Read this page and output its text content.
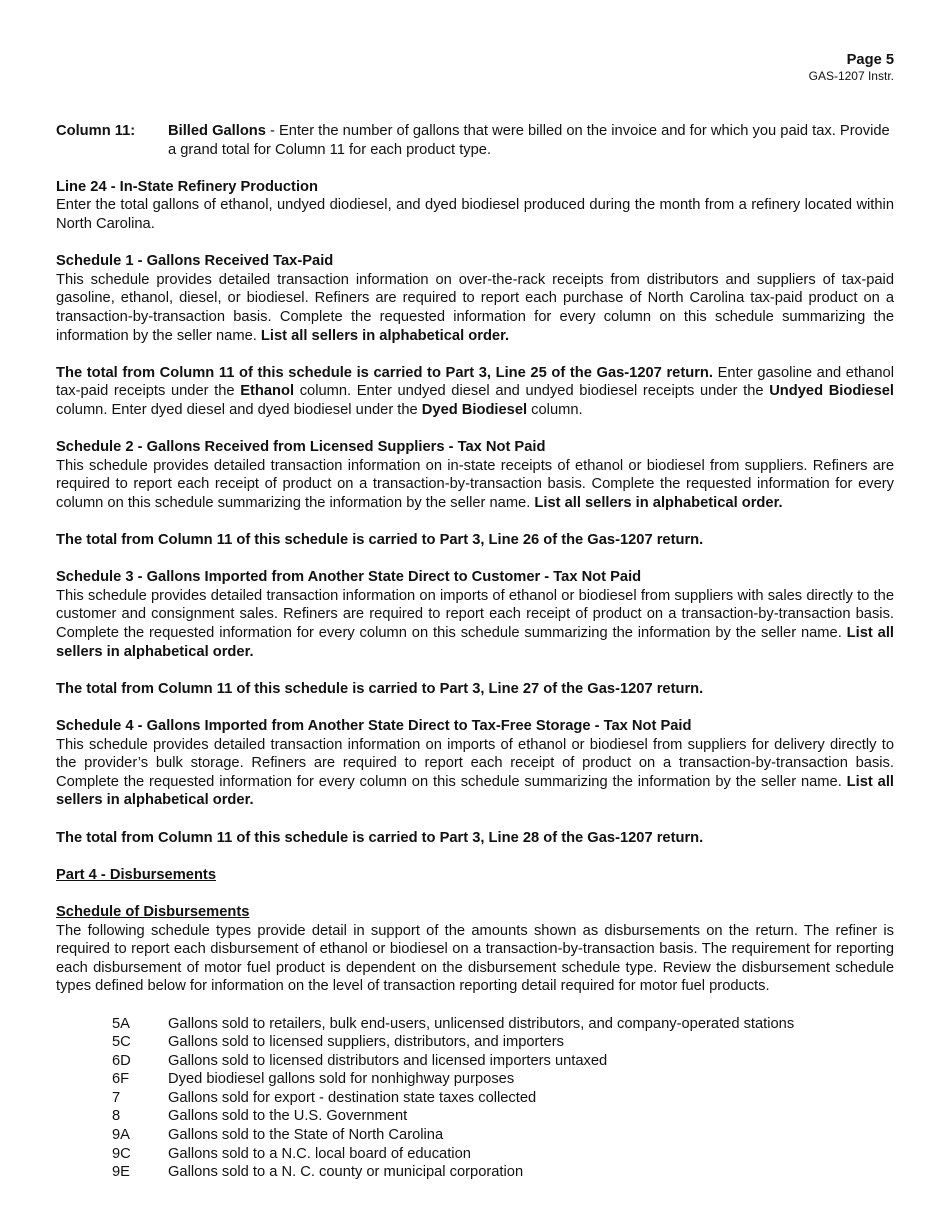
Page 5
GAS-1207 Instr.
Column 11:	Billed Gallons - Enter the number of gallons that were billed on the invoice and for which you paid tax. Provide a grand total for Column 11 for each product type.
Line 24 - In-State Refinery Production
Enter the total gallons of ethanol, undyed diodiesel, and dyed biodiesel produced during the month from a refinery located within North Carolina.
Schedule 1 - Gallons Received Tax-Paid
This schedule provides detailed transaction information on over-the-rack receipts from distributors and suppliers of tax-paid gasoline, ethanol, diesel, or biodiesel. Refiners are required to report each purchase of North Carolina tax-paid product on a transaction-by-transaction basis. Complete the requested information for every column on this schedule summarizing the information by the seller name. List all sellers in alphabetical order.
The total from Column 11 of this schedule is carried to Part 3, Line 25 of the Gas-1207 return. Enter gasoline and ethanol tax-paid receipts under the Ethanol column. Enter undyed diesel and undyed biodiesel receipts under the Undyed Biodiesel column. Enter dyed diesel and dyed biodiesel under the Dyed Biodiesel column.
Schedule 2 - Gallons Received from Licensed Suppliers - Tax Not Paid
This schedule provides detailed transaction information on in-state receipts of ethanol or biodiesel from suppliers. Refiners are required to report each receipt of product on a transaction-by-transaction basis. Complete the requested information for every column on this schedule summarizing the information by the seller name. List all sellers in alphabetical order.
The total from Column 11 of this schedule is carried to Part 3, Line 26 of the Gas-1207 return.
Schedule 3 - Gallons Imported from Another State Direct to Customer - Tax Not Paid
This schedule provides detailed transaction information on imports of ethanol or biodiesel from suppliers with sales directly to the customer and consignment sales. Refiners are required to report each receipt of product on a transaction-by-transaction basis. Complete the requested information for every column on this schedule summarizing the information by the seller name. List all sellers in alphabetical order.
The total from Column 11 of this schedule is carried to Part 3, Line 27 of the Gas-1207 return.
Schedule 4 - Gallons Imported from Another State Direct to Tax-Free Storage - Tax Not Paid
This schedule provides detailed transaction information on imports of ethanol or biodiesel from suppliers for delivery directly to the provider’s bulk storage. Refiners are required to report each receipt of product on a transaction-by-transaction basis. Complete the requested information for every column on this schedule summarizing the information by the seller name. List all sellers in alphabetical order.
The total from Column 11 of this schedule is carried to Part 3, Line 28 of the Gas-1207 return.
Part 4 - Disbursements
Schedule of Disbursements
The following schedule types provide detail in support of the amounts shown as disbursements on the return. The refiner is required to report each disbursement of ethanol or biodiesel on a transaction-by-transaction basis. The requirement for reporting each disbursement of motor fuel product is dependent on the disbursement schedule type. Review the disbursement schedule types defined below for information on the level of transaction reporting detail required for motor fuel products.
5A	Gallons sold to retailers, bulk end-users, unlicensed distributors, and company-operated stations
5C	Gallons sold to licensed suppliers, distributors, and importers
6D	Gallons sold to licensed distributors and licensed importers untaxed
6F	Dyed biodiesel gallons sold for nonhighway purposes
7	Gallons sold for export - destination state taxes collected
8	Gallons sold to the U.S. Government
9A	Gallons sold to the State of North Carolina
9C	Gallons sold to a N.C. local board of education
9E	Gallons sold to a N. C. county or municipal corporation
